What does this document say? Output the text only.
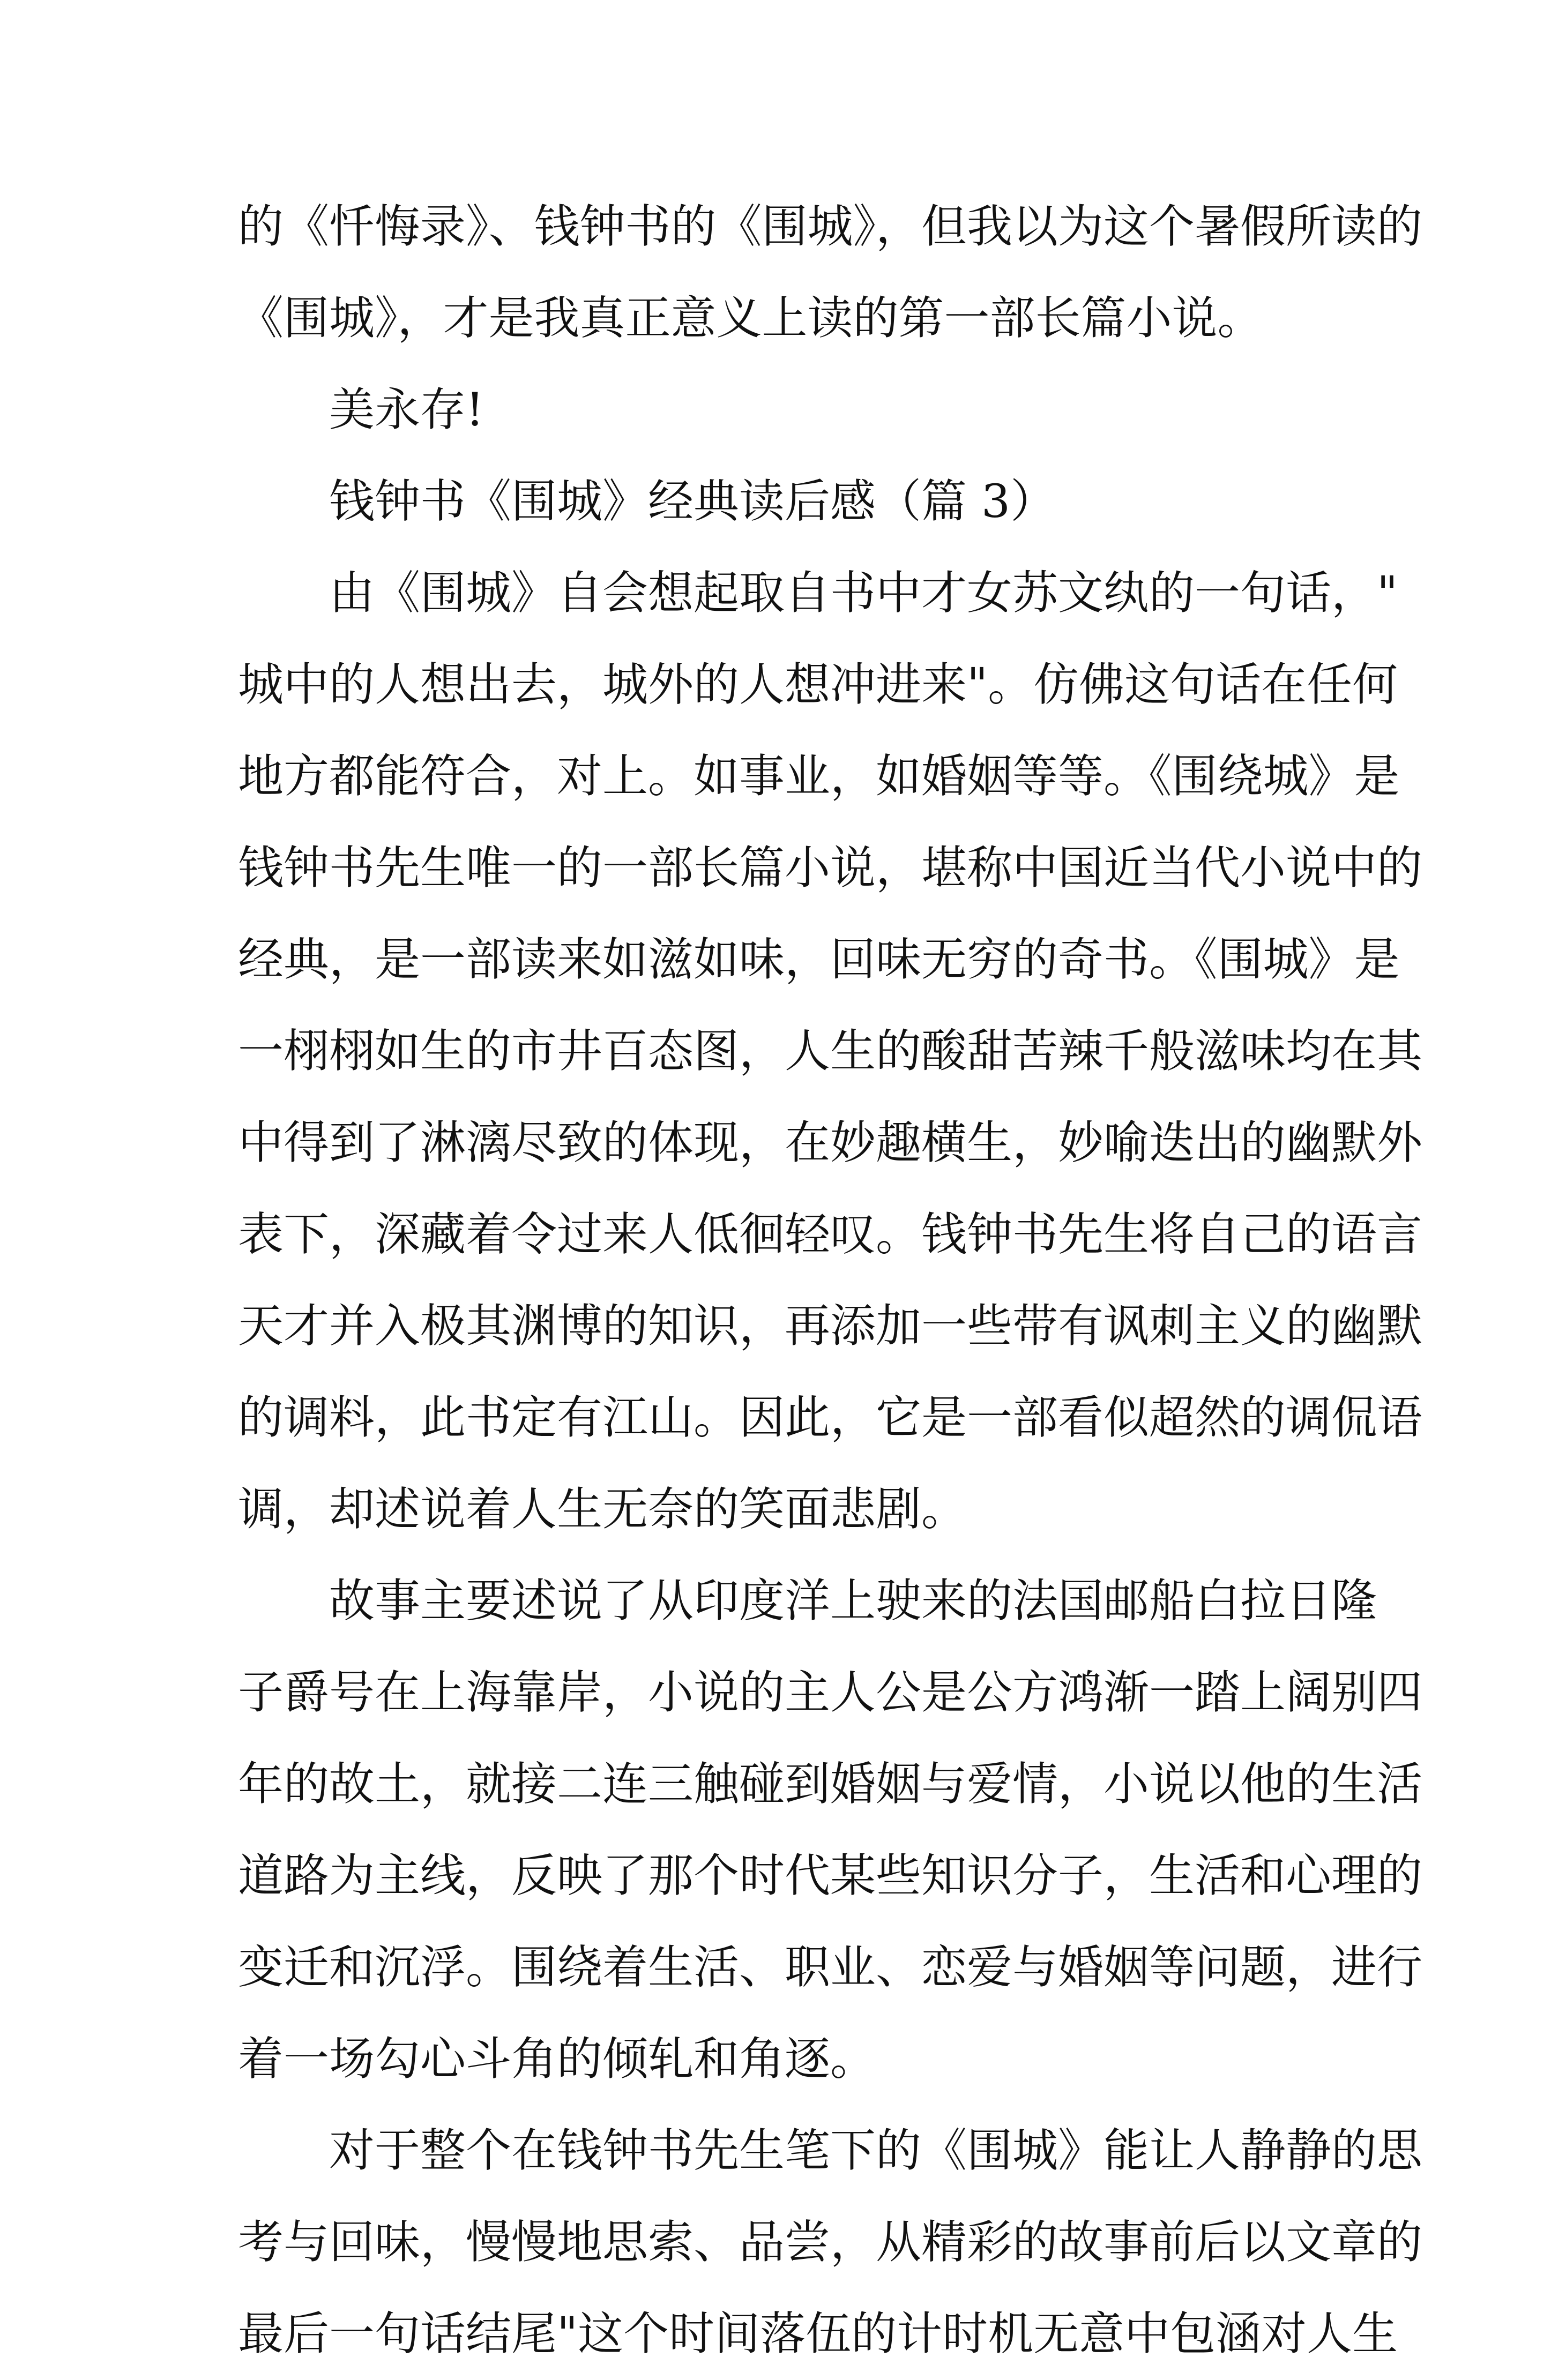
的《忏悔录》、钱钟书的《围城》，但我以为这个暑假所读的
《围城》，才是我真正意义上读的第一部长篇小说。
美永存!
钱钟书《围城》经典读后感（篇 3）
由《围城》自会想起取自书中才女苏文纨的一句话，"
城中的人想出去，城外的人想冲进来"。仿佛这句话在任何
地方都能符合，对上。如事业，如婚姻等等。《围绕城》是
钱钟书先生唯一的一部长篇小说，堪称中国近当代小说中的
经典，是一部读来如滋如味，回味无穷的奇书。《围城》是
一栩栩如生的市井百态图，人生的酸甜苦辣千般滋味均在其
中得到了淋漓尽致的体现，在妙趣横生，妙喻迭出的幽默外
表下，深藏着令过来人低徊轻叹。钱钟书先生将自己的语言
天才并入极其渊博的知识，再添加一些带有讽刺主义的幽默
的调料，此书定有江山。因此，它是一部看似超然的调侃语
调，却述说着人生无奈的笑面悲剧。
故事主要述说了从印度洋上驶来的法国邮船白拉日隆
子爵号在上海靠岸，小说的主人公是公方鸿渐一踏上阔别四
年的故土，就接二连三触碰到婚姻与爱情，小说以他的生活
道路为主线，反映了那个时代某些知识分子，生活和心理的
变迁和沉浮。围绕着生活、职业、恋爱与婚姻等问题，进行
着一场勾心斗角的倾轧和角逐。
对于整个在钱钟书先生笔下的《围城》能让人静静的思
考与回味，慢慢地思索、品尝，从精彩的故事前后以文章的
最后一句话结尾"这个时间落伍的计时机无意中包涵对人生
